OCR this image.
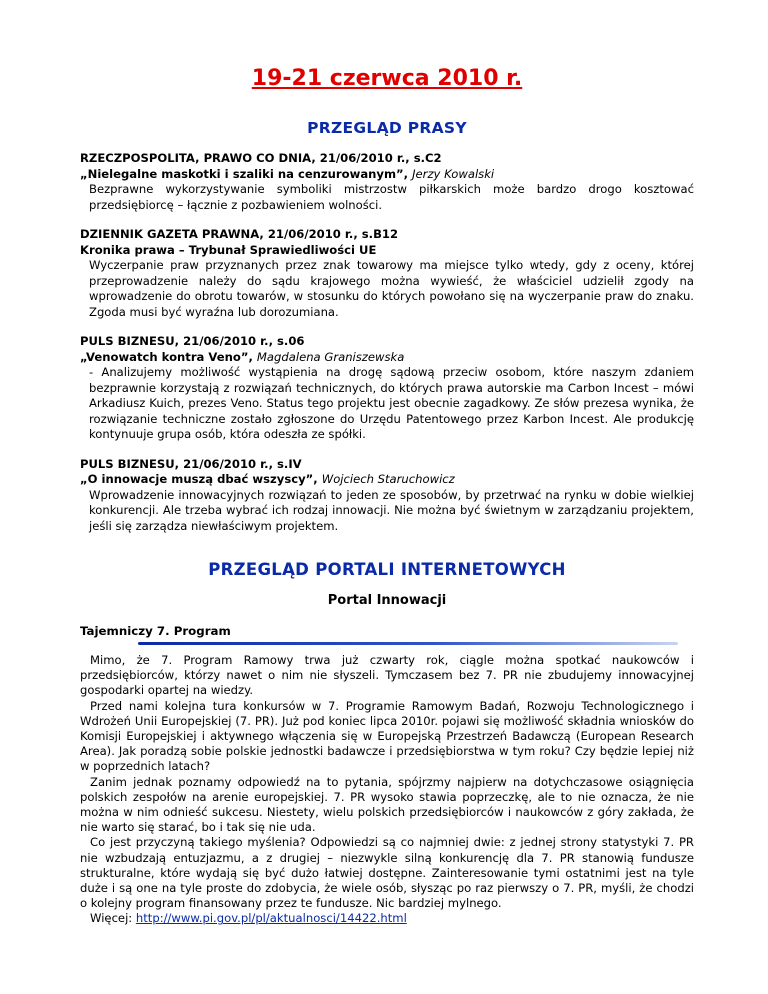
19-21 czerwca 2010 r.
PRZEGLĄD PRASY
RZECZPOSPOLITA, PRAWO CO DNIA, 21/06/2010 r., s.C2
„Nielegalne maskotki i szaliki na cenzurowanym”, Jerzy Kowalski
Bezprawne wykorzystywanie symboliki mistrzostw piłkarskich może bardzo drogo kosztować przedsiębiorcę – łącznie z pozbawieniem wolności.
DZIENNIK GAZETA PRAWNA, 21/06/2010 r., s.B12
Kronika prawa – Trybunał Sprawiedliwości UE
Wyczerpanie praw przyznanych przez znak towarowy ma miejsce tylko wtedy, gdy z oceny, której przeprowadzenie należy do sądu krajowego można wywieść, że właściciel udzielił zgody na wprowadzenie do obrotu towarów, w stosunku do których powołano się na wyczerpanie praw do znaku. Zgoda musi być wyraźna lub dorozumiana.
PULS BIZNESU, 21/06/2010 r., s.06
„Venowatch kontra Veno”, Magdalena Graniszewska
- Analizujemy możliwość wystąpienia na drogę sądową przeciw osobom, które naszym zdaniem bezprawnie korzystają z rozwiązań technicznych, do których prawa autorskie ma Carbon Incest – mówi Arkadiusz Kuich, prezes Veno. Status tego projektu jest obecnie zagadkowy. Ze słów prezesa wynika, że rozwiązanie techniczne zostało zgłoszone do Urzędu Patentowego przez Karbon Incest. Ale produkcję kontynuuje grupa osób, która odeszła ze spółki.
PULS BIZNESU, 21/06/2010 r., s.IV
„O innowacje muszą dbać wszyscy”, Wojciech Staruchowicz
Wprowadzenie innowacyjnych rozwiązań to jeden ze sposobów, by przetrwać na rynku w dobie wielkiej konkurencji. Ale trzeba wybrać ich rodzaj innowacji. Nie można być świetnym w zarządzaniu projektem, jeśli się zarządza niewłaściwym projektem.
PRZEGLĄD PORTALI INTERNETOWYCH
Portal Innowacji
Tajemniczy 7. Program

Mimo, że 7. Program Ramowy trwa już czwarty rok, ciągle można spotkać naukowców i przedsiębiorców, którzy nawet o nim nie słyszeli. Tymczasem bez 7. PR nie zbudujemy innowacyjnej gospodarki opartej na wiedzy.

Przed nami kolejna tura konkursów w 7. Programie Ramowym Badań, Rozwoju Technologicznego i Wdrożeń Unii Europejskiej (7. PR). Już pod koniec lipca 2010r. pojawi się możliwość składnia wniosków do Komisji Europejskiej i aktywnego włączenia się w Europejską Przestrzeń Badawczą (European Research Area). Jak poradzą sobie polskie jednostki badawcze i przedsiębiorstwa w tym roku? Czy będzie lepiej niż w poprzednich latach?

Zanim jednak poznamy odpowiedź na to pytania, spójrzmy najpierw na dotychczasowe osiągnięcia polskich zespołów na arenie europejskiej. 7. PR wysoko stawia poprzeczkę, ale to nie oznacza, że nie można w nim odnieść sukcesu. Niestety, wielu polskich przedsiębiorców i naukowców z góry zakłada, że nie warto się starać, bo i tak się nie uda.

Co jest przyczyną takiego myślenia? Odpowiedzi są co najmniej dwie: z jednej strony statystyki 7. PR nie wzbudzają entuzjazmu, a z drugiej – niezwykle silną konkurencję dla 7. PR stanowią fundusze strukturalne, które wydają się być dużo łatwiej dostępne. Zainteresowanie tymi ostatnimi jest na tyle duże i są one na tyle proste do zdobycia, że wiele osób, słysząc po raz pierwszy o 7. PR, myśli, że chodzi o kolejny program finansowany przez te fundusze. Nic bardziej mylnego.

Więcej: http://www.pi.gov.pl/pl/aktualnosci/14422.html
